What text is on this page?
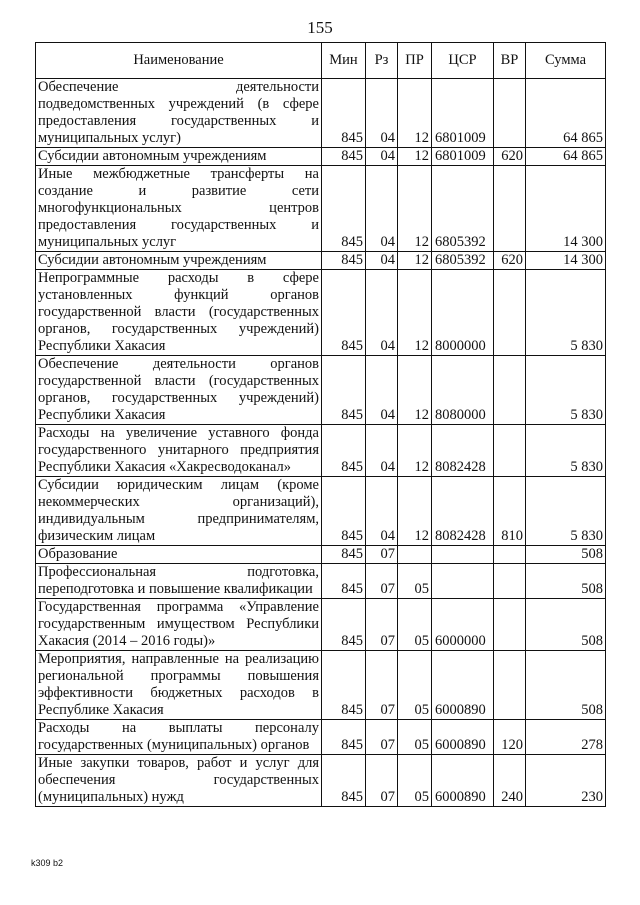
155
Наименование	Мин	Рз	ПР	ЦСР	ВР	Сумма
Обеспечение деятельности подведомственных учреждений (в сфере предоставления государственных и муниципальных услуг)	845	04	12	6801009		64 865
Субсидии автономным учреждениям	845	04	12	6801009	620	64 865
Иные межбюджетные трансферты на создание и развитие сети многофункциональных центров предоставления государственных и муниципальных услуг	845	04	12	6805392		14 300
Субсидии автономным учреждениям	845	04	12	6805392	620	14 300
Непрограммные расходы в сфере установленных функций органов государственной власти (государственных органов, государственных учреждений) Республики Хакасия	845	04	12	8000000		5 830
Обеспечение деятельности органов государственной власти (государственных органов, государственных учреждений) Республики Хакасия	845	04	12	8080000		5 830
Расходы на увеличение уставного фонда государственного унитарного предприятия Республики Хакасия «Хакресводоканал»	845	04	12	8082428		5 830
Субсидии юридическим лицам (кроме некоммерческих организаций), индивидуальным предпринимателям, физическим лицам	845	04	12	8082428	810	5 830
Образование	845	07				508
Профессиональная подготовка, переподготовка и повышение квалификации	845	07	05			508
Государственная программа «Управление государственным имуществом Республики Хакасия (2014 – 2016 годы)»	845	07	05	6000000		508
Мероприятия, направленные на реализацию региональной программы повышения эффективности бюджетных расходов в Республике Хакасия	845	07	05	6000890		508
Расходы на выплаты персоналу государственных (муниципальных) органов	845	07	05	6000890	120	278
Иные закупки товаров, работ и услуг для обеспечения государственных (муниципальных) нужд	845	07	05	6000890	240	230
k309 b2
